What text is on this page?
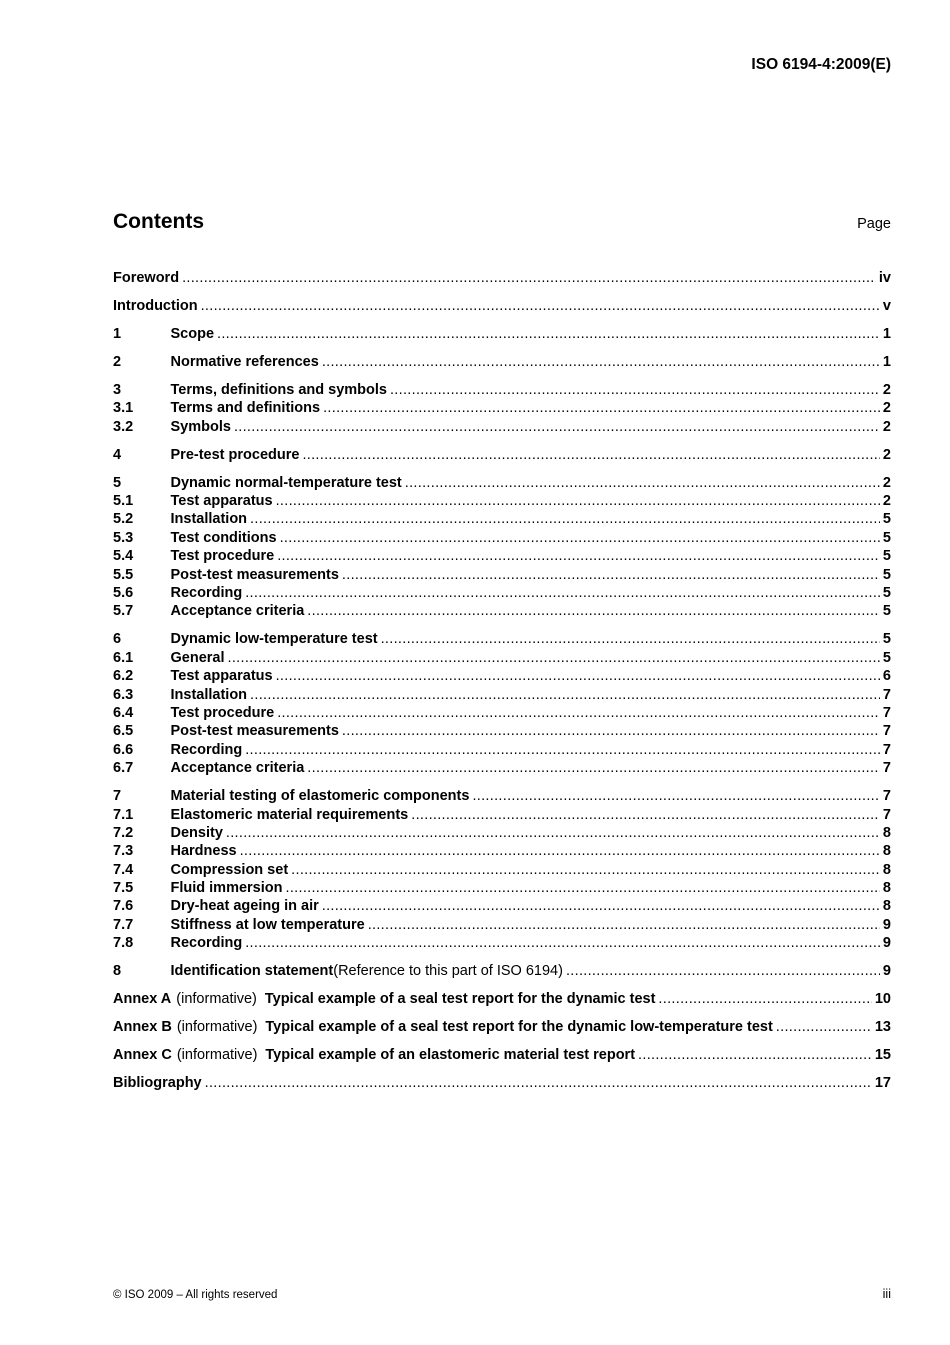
ISO 6194-4:2009(E)
Contents	Page
Foreword .....	iv
Introduction .....	v
1	Scope .....	1
2	Normative references .....	1
3	Terms, definitions and symbols .....	2
3.1	Terms and definitions .....	2
3.2	Symbols .....	2
4	Pre-test procedure .....	2
5	Dynamic normal-temperature test .....	2
5.1	Test apparatus .....	2
5.2	Installation .....	5
5.3	Test conditions .....	5
5.4	Test procedure .....	5
5.5	Post-test measurements .....	5
5.6	Recording .....	5
5.7	Acceptance criteria .....	5
6	Dynamic low-temperature test .....	5
6.1	General .....	5
6.2	Test apparatus .....	6
6.3	Installation .....	7
6.4	Test procedure .....	7
6.5	Post-test measurements .....	7
6.6	Recording .....	7
6.7	Acceptance criteria .....	7
7	Material testing of elastomeric components .....	7
7.1	Elastomeric material requirements .....	7
7.2	Density .....	8
7.3	Hardness .....	8
7.4	Compression set .....	8
7.5	Fluid immersion .....	8
7.6	Dry-heat ageing in air .....	8
7.7	Stiffness at low temperature .....	9
7.8	Recording .....	9
8	Identification statement (Reference to this part of ISO 6194) .....	9
Annex A (informative) Typical example of a seal test report for the dynamic test .....	10
Annex B (informative) Typical example of a seal test report for the dynamic low-temperature test .....	13
Annex C (informative) Typical example of an elastomeric material test report .....	15
Bibliography .....	17
© ISO 2009 – All rights reserved	iii
